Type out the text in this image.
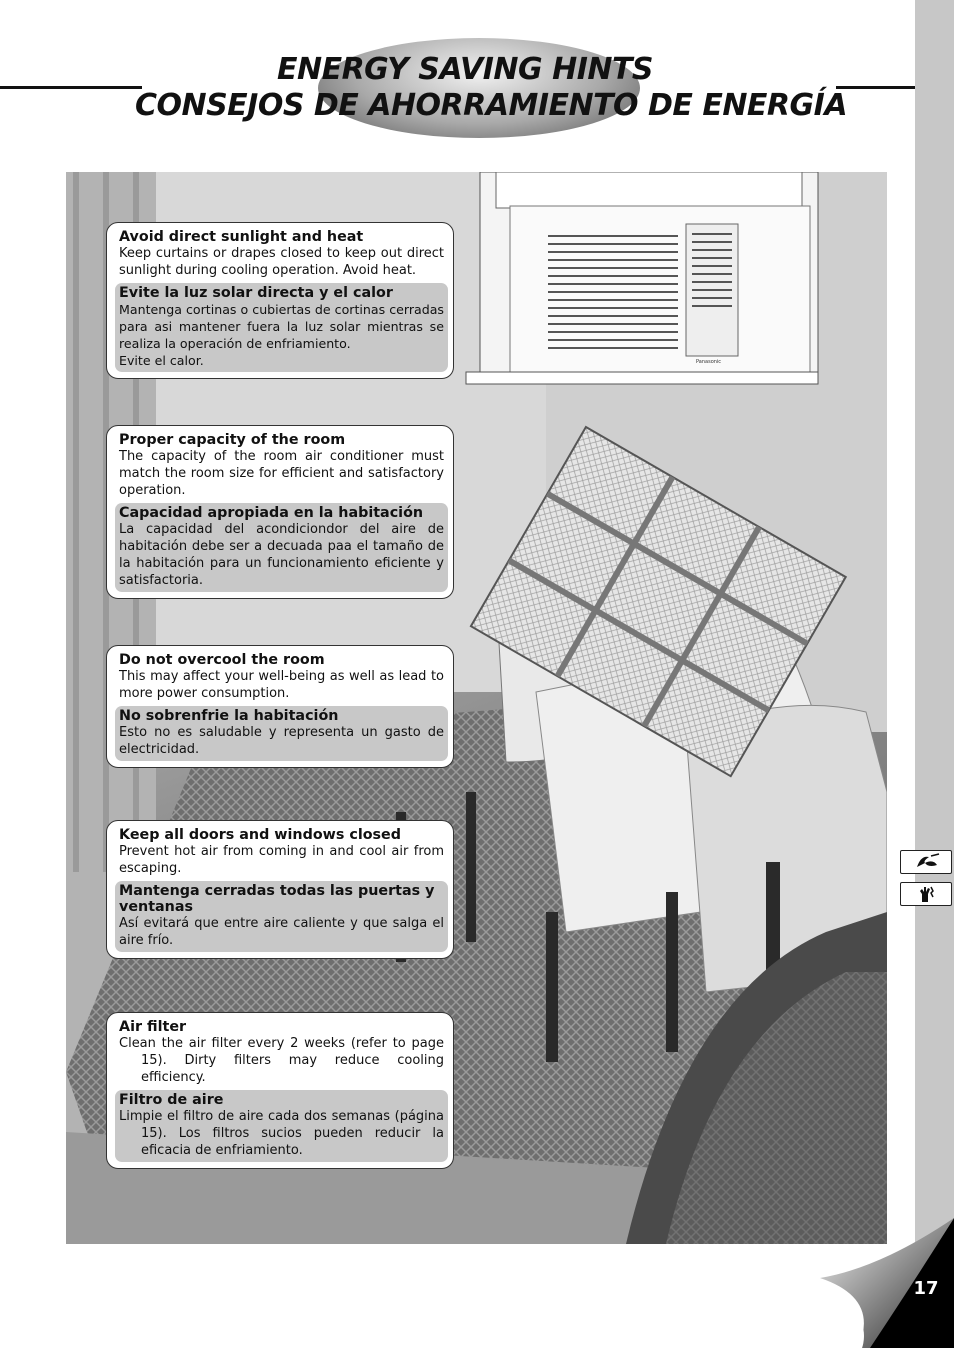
ENERGY SAVING HINTS
CONSEJOS DE AHORRAMIENTO DE ENERGÍA
Panasonic
Avoid direct sunlight and heat
Keep curtains or drapes closed to keep out direct sunlight during cooling operation. Avoid heat.
Evite la luz solar directa y el calor
Mantenga cortinas o cubiertas de cortinas cerradas para asi mantener fuera la luz solar mientras se realiza la operación de enfriamiento.
Evite el calor.
Proper capacity of the room
The capacity of the room air conditioner must match the room size for efficient and satisfactory operation.
Capacidad apropiada en la habitación
La capacidad del acondiciondor del aire de habitación debe ser a decuada paa el tamaño de la habitación para un funcionamiento eficiente y satisfactoria.
Do not overcool the room
This may affect your well-being as well as lead to more power consumption.
No sobrenfrie la habitación
Esto no es saludable y representa un gasto de electricidad.
Keep all doors and windows closed
Prevent hot air from coming in and cool air from escaping.
Mantenga cerradas todas las puertas y ventanas
Así evitará que entre aire caliente y que salga el aire frío.
Air filter
Clean the air filter every 2 weeks (refer to page 15). Dirty filters may reduce cooling efficiency.
Filtro de aire
Limpie el filtro de aire cada dos semanas (página 15). Los filtros sucios pueden reducir la eficacia de enfriamiento.
17
